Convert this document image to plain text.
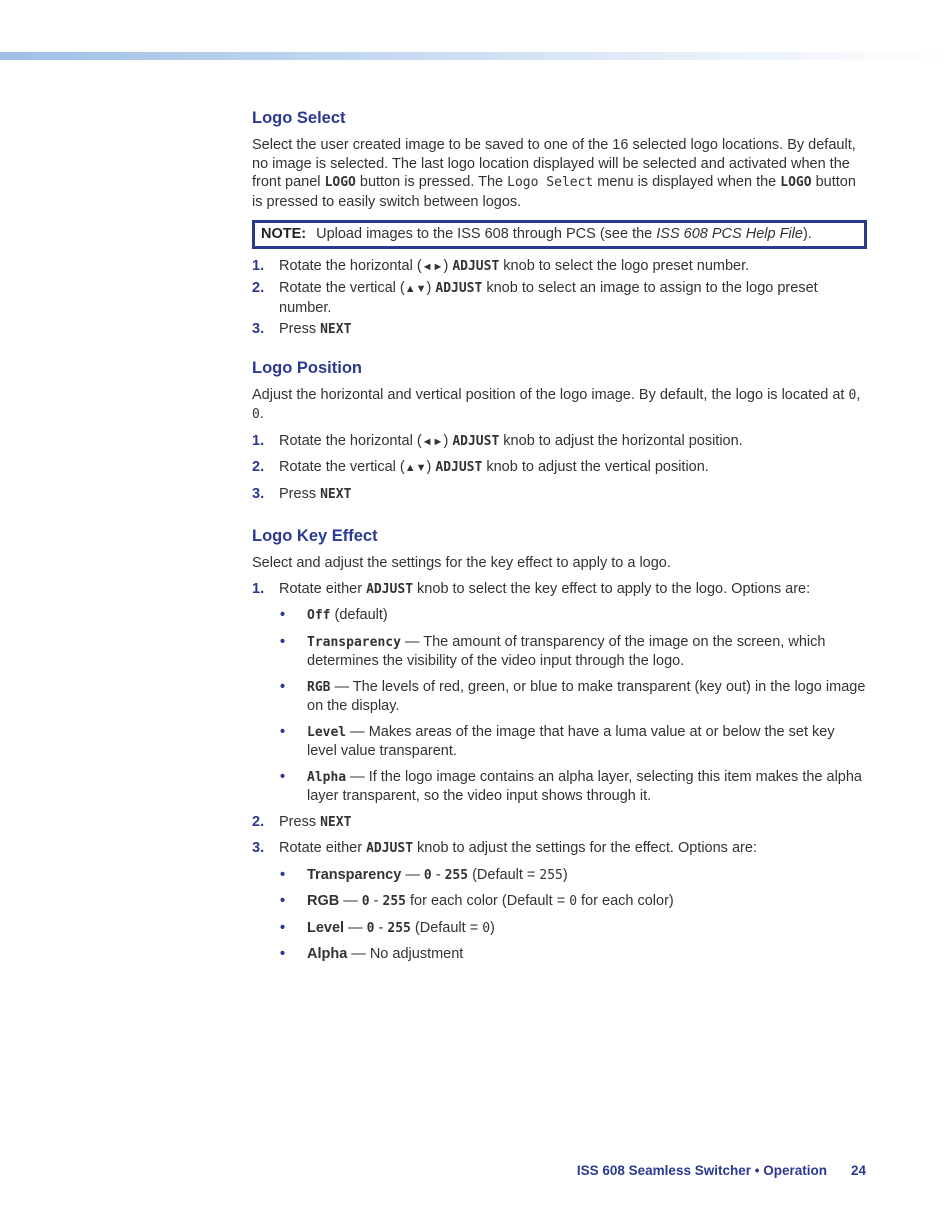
Logo Select

Select the user created image to be saved to one of the 16 selected logo locations. By default, no image is selected. The last logo location displayed will be selected and activated when the front panel LOGO button is pressed. The Logo Select menu is displayed when the LOGO button is pressed to easily switch between logos.

NOTE: Upload images to the ISS 608 through PCS (see the ISS 608 PCS Help File).
1. Rotate the horizontal (◄►) ADJUST knob to select the logo preset number.
2. Rotate the vertical (▲▼) ADJUST knob to select an image to assign to the logo preset number.
3. Press NEXT
Logo Position

Adjust the horizontal and vertical position of the logo image. By default, the logo is located at 0, 0.

1. Rotate the horizontal (◄►) ADJUST knob to adjust the horizontal position.
2. Rotate the vertical (▲▼) ADJUST knob to adjust the vertical position.
3. Press NEXT
Logo Key Effect

Select and adjust the settings for the key effect to apply to a logo.

1. Rotate either ADJUST knob to select the key effect to apply to the logo. Options are:
• Off (default)
• Transparency — The amount of transparency of the image on the screen, which determines the visibility of the video input through the logo.
• RGB — The levels of red, green, or blue to make transparent (key out) in the logo image on the display.
• Level — Makes areas of the image that have a luma value at or below the set key level value transparent.
• Alpha — If the logo image contains an alpha layer, selecting this item makes the alpha layer transparent, so the video input shows through it.
2. Press NEXT
3. Rotate either ADJUST knob to adjust the settings for the effect. Options are:
• Transparency — 0 - 255 (Default = 255)
• RGB — 0 - 255 for each color (Default = 0 for each color)
• Level — 0 - 255 (Default = 0)
• Alpha — No adjustment
ISS 608 Seamless Switcher • Operation 24
